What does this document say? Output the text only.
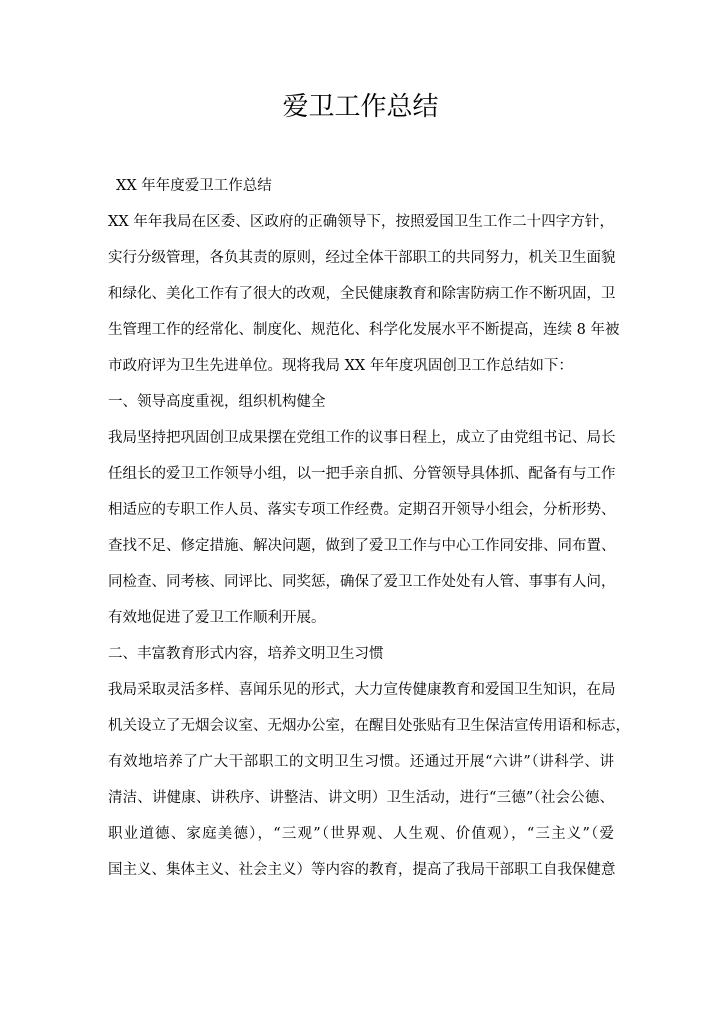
爱卫工作总结
XX 年年度爱卫工作总结
XX 年年我局在区委、区政府的正确领导下，按照爱国卫生工作二十四字方针，
实行分级管理，各负其责的原则，经过全体干部职工的共同努力，机关卫生面貌
和绿化、美化工作有了很大的改观，全民健康教育和除害防病工作不断巩固，卫
生管理工作的经常化、制度化、规范化、科学化发展水平不断提高，连续 8 年被
市政府评为卫生先进单位。现将我局 XX 年年度巩固创卫工作总结如下：
一、领导高度重视，组织机构健全
我局坚持把巩固创卫成果摆在党组工作的议事日程上，成立了由党组书记、局长
任组长的爱卫工作领导小组，以一把手亲自抓、分管领导具体抓、配备有与工作
相适应的专职工作人员、落实专项工作经费。定期召开领导小组会，分析形势、
查找不足、修定措施、解决问题，做到了爱卫工作与中心工作同安排、同布置、
同检查、同考核、同评比、同奖惩，确保了爱卫工作处处有人管、事事有人问，
有效地促进了爱卫工作顺利开展。
二、丰富教育形式内容，培养文明卫生习惯
我局采取灵活多样、喜闻乐见的形式，大力宣传健康教育和爱国卫生知识，在局
机关设立了无烟会议室、无烟办公室，在醒目处张贴有卫生保洁宣传用语和标志，
有效地培养了广大干部职工的文明卫生习惯。还通过开展“六讲”（讲科学、讲
清洁、讲健康、讲秩序、讲整洁、讲文明）卫生活动，进行“三德”（社会公德、
职业道德、家庭美德），“三观”（世界观、人生观、价值观），“三主义”（爱
国主义、集体主义、社会主义）等内容的教育，提高了我局干部职工自我保健意
